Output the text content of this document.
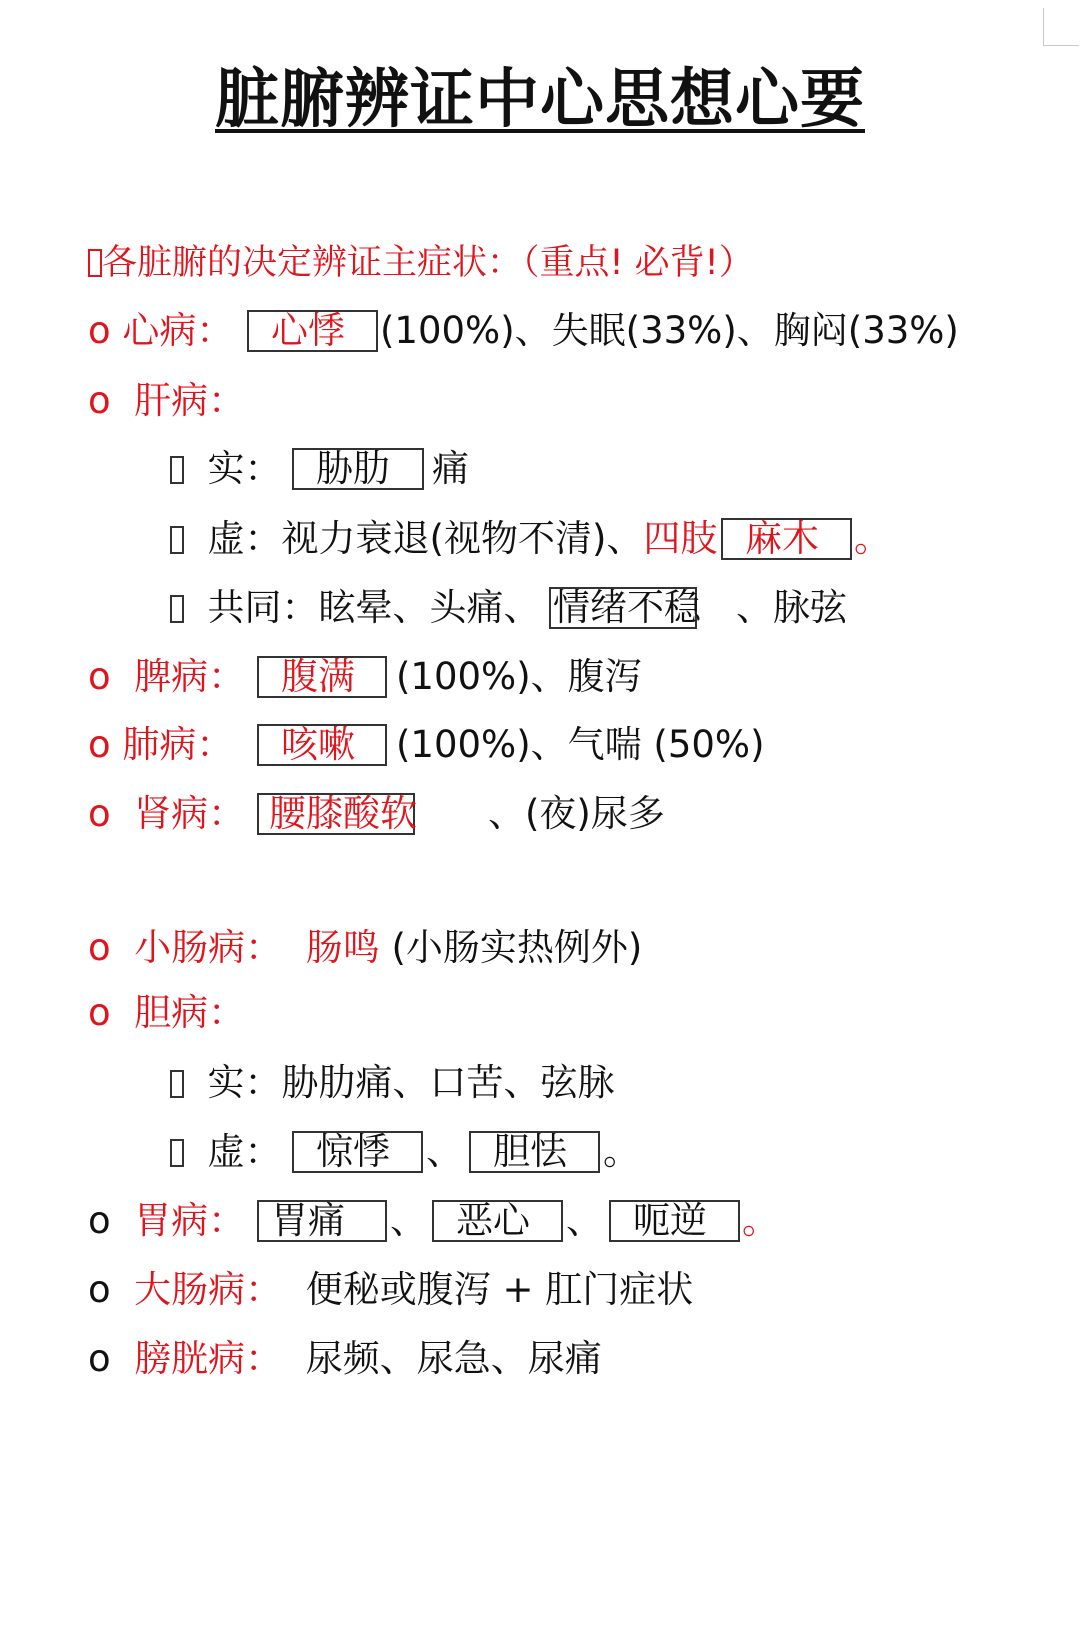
脏腑辨证中心思想心要
各脏腑的决定辨证主症状：（重点! 必背!）
o 心病：	心悸 (100%)、失眠(33%)、胸闷(33%)
o 肝病：
实： 胁肋	痛
虚：视力衰退(视物不清)、四肢 麻木 。
共同：眩晕、头痛、 情绪不稳 、脉弦
o 脾病： 腹满	(100%)、腹泻
o 肺病：	咳嗽	(100%)、气喘 (50%)
o 肾病： 腰膝酸软 、(夜)尿多
o 小肠病： 肠鸣 (小肠实热例外)
o 胆病：
实：胁肋痛、口苦、弦脉
虚： 惊悸 、 胆怯 。
o 胃病： 胃痛	、 恶心 、 呃逆 。
o 大肠病： 便秘或腹泻 + 肛门症状
o 膀胱病： 尿频、尿急、尿痛
